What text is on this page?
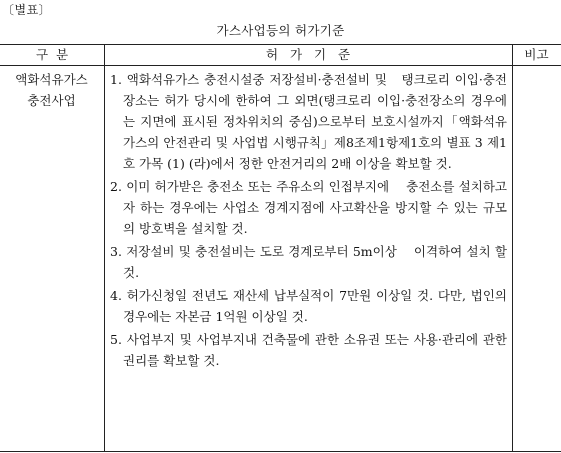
〔별표〕
가스사업등의 허가기준
구  분	허   가   기   준	비고
액화석유가스
충전사업
1. 액화석유가스 충전시설중 저장설비·충전설비 및   탱크로리 이입·충전장소는 허가 당시에 한하여 그 외면(탱크로리 이입·충전장소의 경우에는 지면에 표시된 정차위치의 중심)으로부터 보호시설까지「액화석유가스의 안전관리 및 사업법 시행규칙」제8조제1항제1호의 별표 3 제1호 가목 (1) (라)에서 정한 안전거리의 2배 이상을 확보할 것.
2. 이미 허가받은 충전소 또는 주유소의 인접부지에    충전소를 설치하고자 하는 경우에는 사업소 경계지점에 사고확산을 방지할 수 있는 규모의 방호벽을 설치할 것.
3. 저장설비 및 충전설비는 도로 경계로부터 5m이상    이격하여 설치 할 것.
4. 허가신청일 전년도 재산세 납부실적이 7만원 이상일 것. 다만, 법인의 경우에는 자본금 1억원 이상일 것.
5. 사업부지 및 사업부지내 건축물에 관한 소유권 또는 사용·관리에 관한 권리를 확보할 것.
